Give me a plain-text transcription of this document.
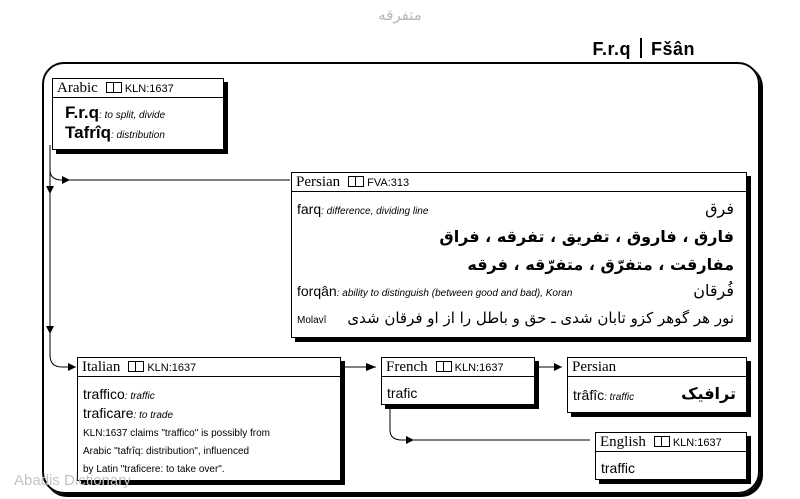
متفرقه
F.r.q Fšân
Arabic KLN:1637
F.r.q: to split, divide
Tafrîq: distribution
Persian FVA:313
farq: difference, dividing line	فرق
فارق ، فاروق ، تفریق ، تفرقه ، فراق
مفارقت ، متفرّق ، متفرّقه ، فرقه
forqân: ability to distinguish (between good and bad), Koran	فُرقان
Molavî نور هر گوهر کزو تابان شدی ـ حق و باطل را از او فرقان شدی
Italian KLN:1637
traffico: traffic
traficare: to trade
KLN:1637 claims "traffico" is possibly from
Arabic "tafrîq: distribution", influenced
by Latin "traficere: to take over".
French KLN:1637
trafic
Persian
trâfîc: traffic	ترافیک
English KLN:1637
traffic
Abadis Dictionary
